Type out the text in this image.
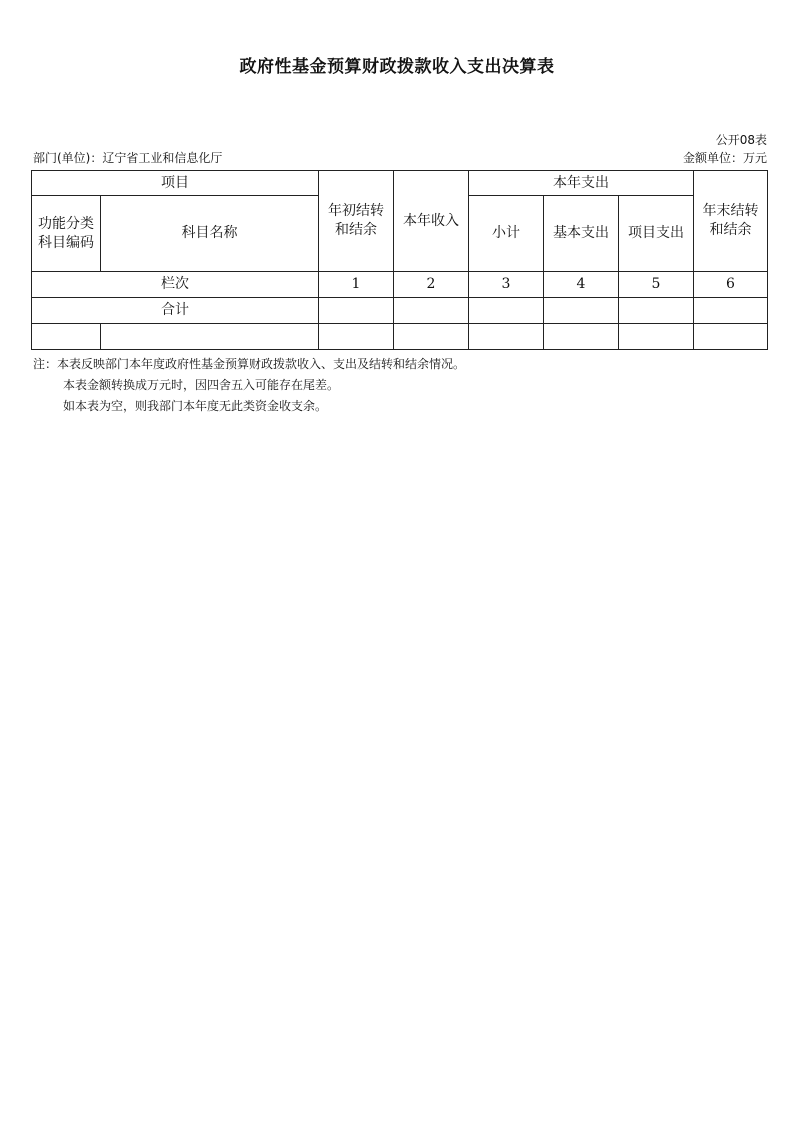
政府性基金预算财政拨款收入支出决算表
公开08表
部门(单位)：辽宁省工业和信息化厅	金额单位：万元
项目		年初结转和结余	本年收入	本年支出			年末结转和结余
功能分类科目编码	科目名称			小计	基本支出	项目支出	
栏次		1	2	3	4	5	6
合计							

注：本表反映部门本年度政府性基金预算财政拨款收入、支出及结转和结余情况。
本表金额转换成万元时，因四舍五入可能存在尾差。
如本表为空，则我部门本年度无此类资金收支余。
